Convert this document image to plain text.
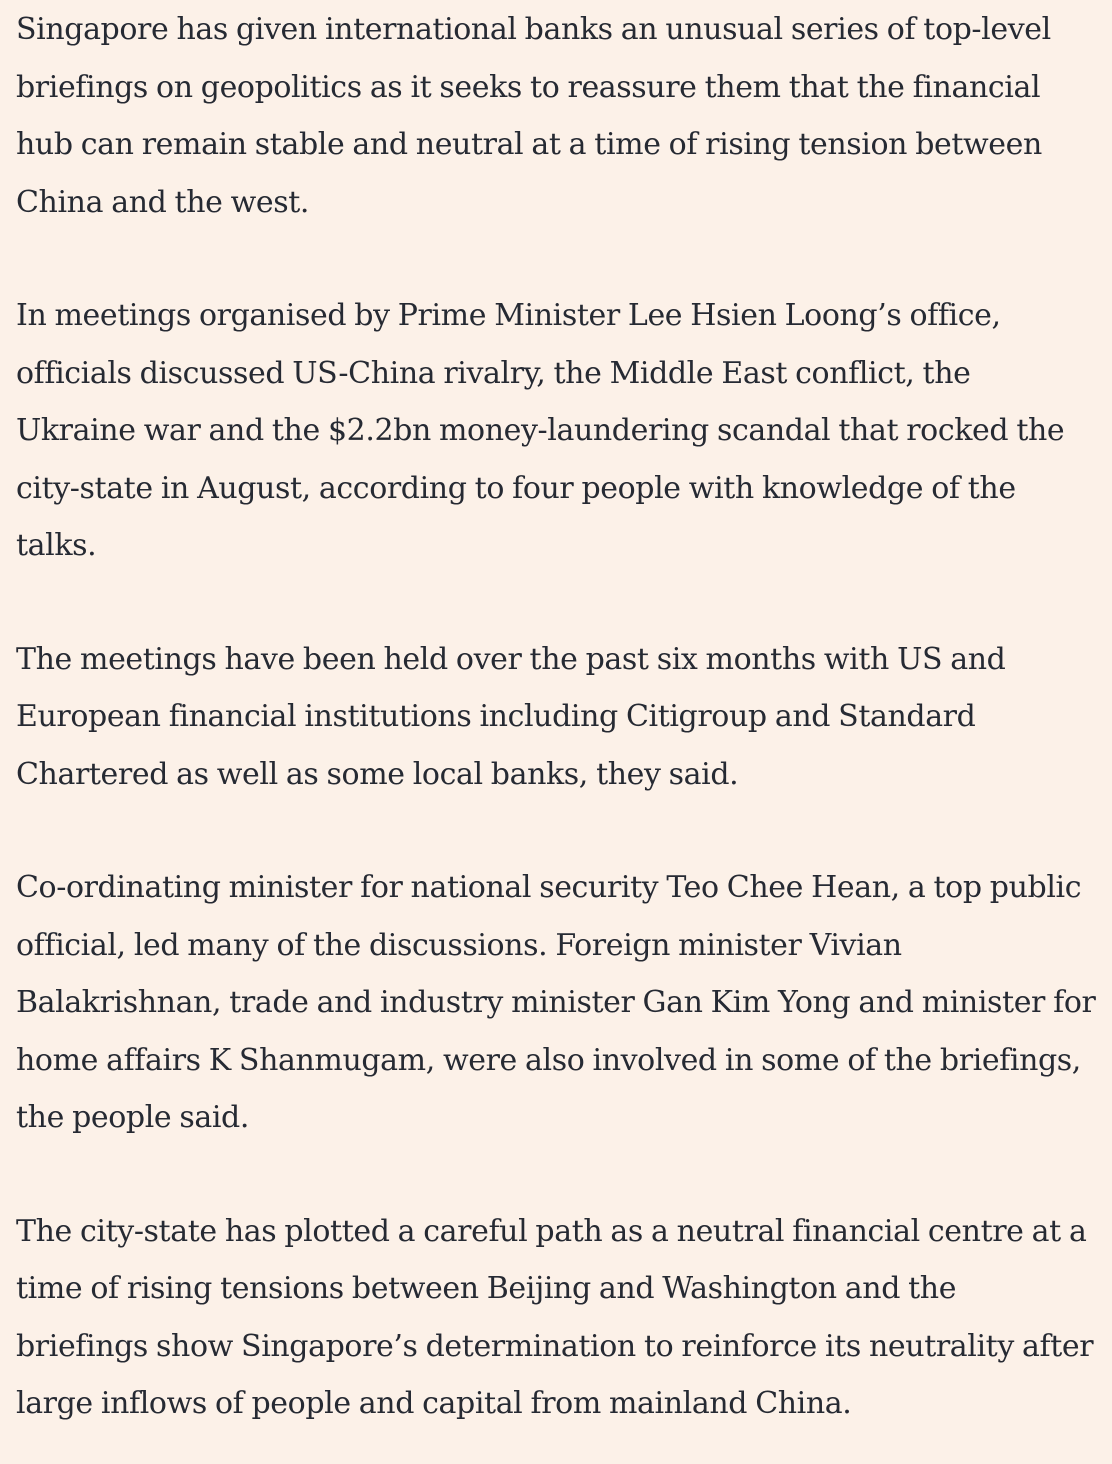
Singapore has given international banks an unusual series of top-level briefings on geopolitics as it seeks to reassure them that the financial hub can remain stable and neutral at a time of rising tension between China and the west.

In meetings organised by Prime Minister Lee Hsien Loong’s office, officials discussed US-China rivalry, the Middle East conflict, the Ukraine war and the $2.2bn money-laundering scandal that rocked the city-state in August, according to four people with knowledge of the talks.

The meetings have been held over the past six months with US and European financial institutions including Citigroup and Standard Chartered as well as some local banks, they said.

Co-ordinating minister for national security Teo Chee Hean, a top public official, led many of the discussions. Foreign minister Vivian Balakrishnan, trade and industry minister Gan Kim Yong and minister for home affairs K Shanmugam, were also involved in some of the briefings, the people said.

The city-state has plotted a careful path as a neutral financial centre at a time of rising tensions between Beijing and Washington and the briefings show Singapore’s determination to reinforce its neutrality after large inflows of people and capital from mainland China.
